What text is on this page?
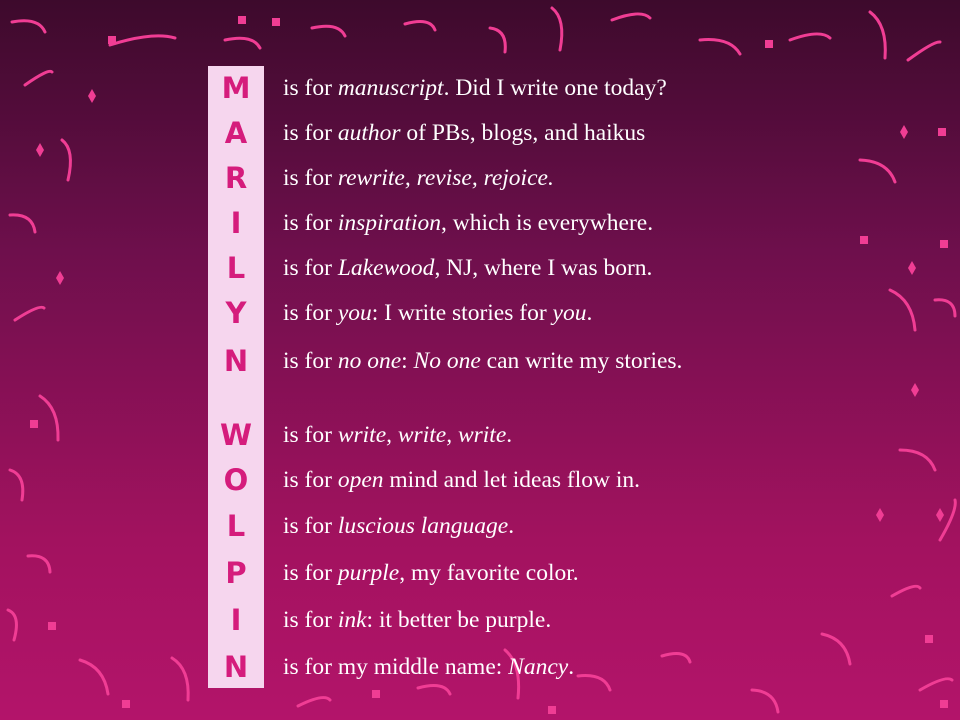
M
A
R
I
L
Y
N
W
O
L
P
I
N
is for manuscript. Did I write one today?
is for author of PBs, blogs, and haikus
is for rewrite, revise, rejoice.
is for inspiration, which is everywhere.
is for Lakewood, NJ, where I was born.
is for you: I write stories for you.
is for no one: No one can write my stories.
is for write, write, write.
is for open mind and let ideas flow in.
is for luscious language.
is for purple, my favorite color.
is for ink: it better be purple.
is for my middle name: Nancy.
